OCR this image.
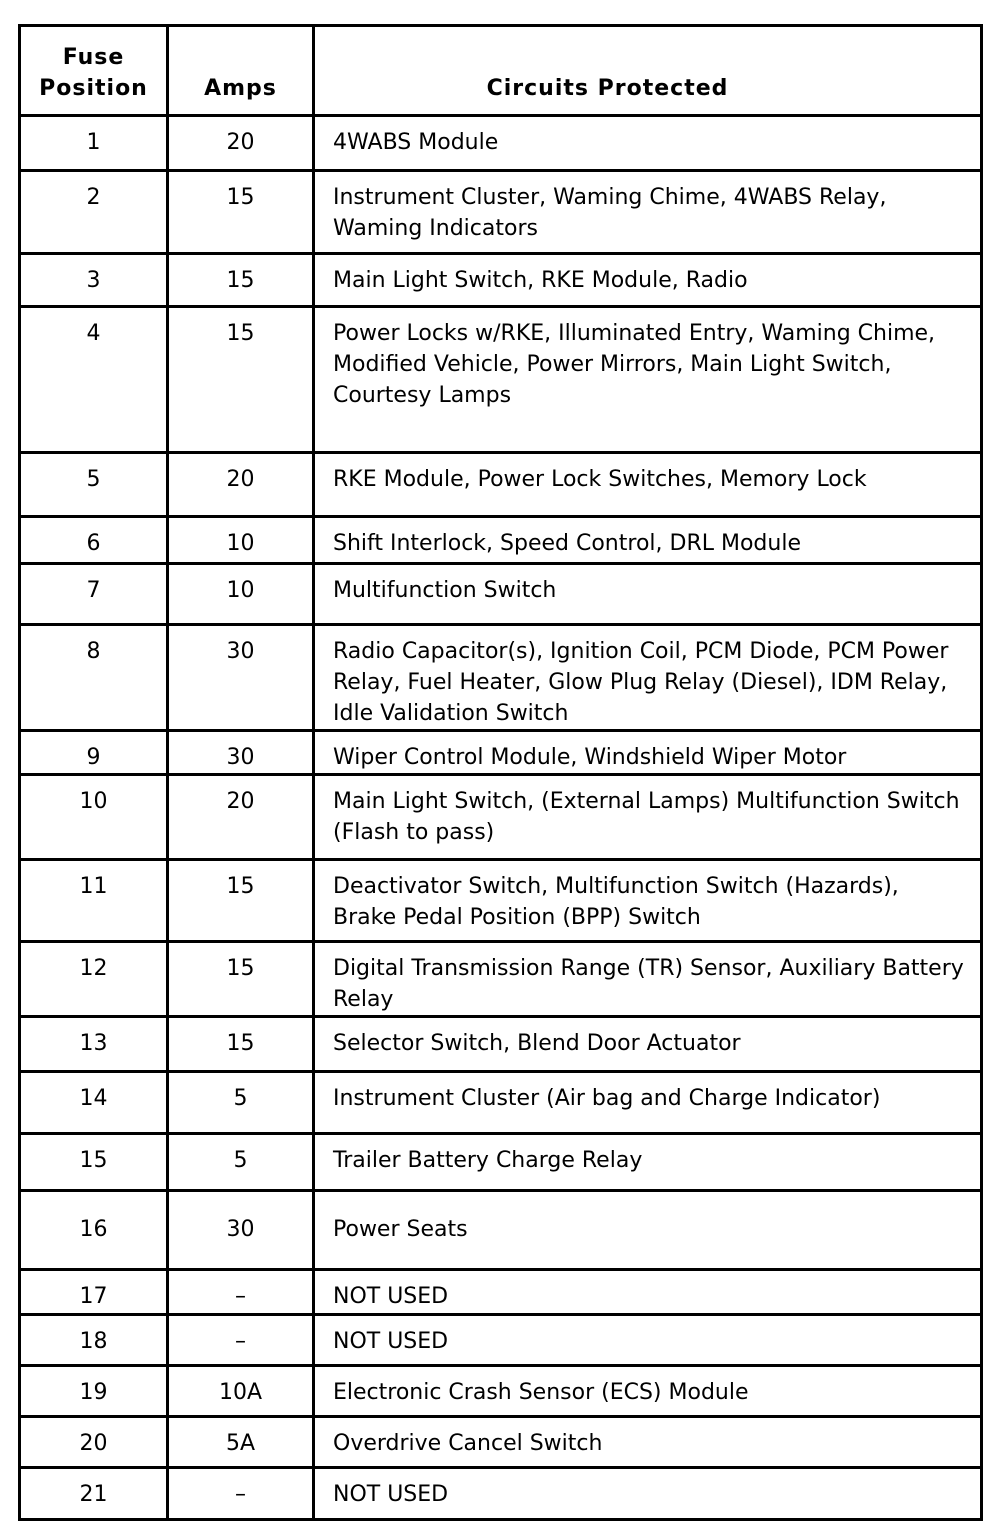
Fuse Position	Amps	Circuits Protected
1	20	4WABS Module
2	15	Instrument Cluster, Waming Chime, 4WABS Relay, Waming Indicators
3	15	Main Light Switch, RKE Module, Radio
4	15	Power Locks w/RKE, Illuminated Entry, Waming Chime, Modified Vehicle, Power Mirrors, Main Light Switch, Courtesy Lamps
5	20	RKE Module, Power Lock Switches, Memory Lock
6	10	Shift Interlock, Speed Control, DRL Module
7	10	Multifunction Switch
8	30	Radio Capacitor(s), Ignition Coil, PCM Diode, PCM Power Relay, Fuel Heater, Glow Plug Relay (Diesel), IDM Relay, Idle Validation Switch
9	30	Wiper Control Module, Windshield Wiper Motor
10	20	Main Light Switch, (External Lamps) Multifunction Switch (Flash to pass)
11	15	Deactivator Switch, Multifunction Switch (Hazards), Brake Pedal Position (BPP) Switch
12	15	Digital Transmission Range (TR) Sensor, Auxiliary Battery Relay
13	15	Selector Switch, Blend Door Actuator
14	5	Instrument Cluster (Air bag and Charge Indicator)
15	5	Trailer Battery Charge Relay
16	30	Power Seats
17	–	NOT USED
18	–	NOT USED
19	10A	Electronic Crash Sensor (ECS) Module
20	5A	Overdrive Cancel Switch
21	–	NOT USED
